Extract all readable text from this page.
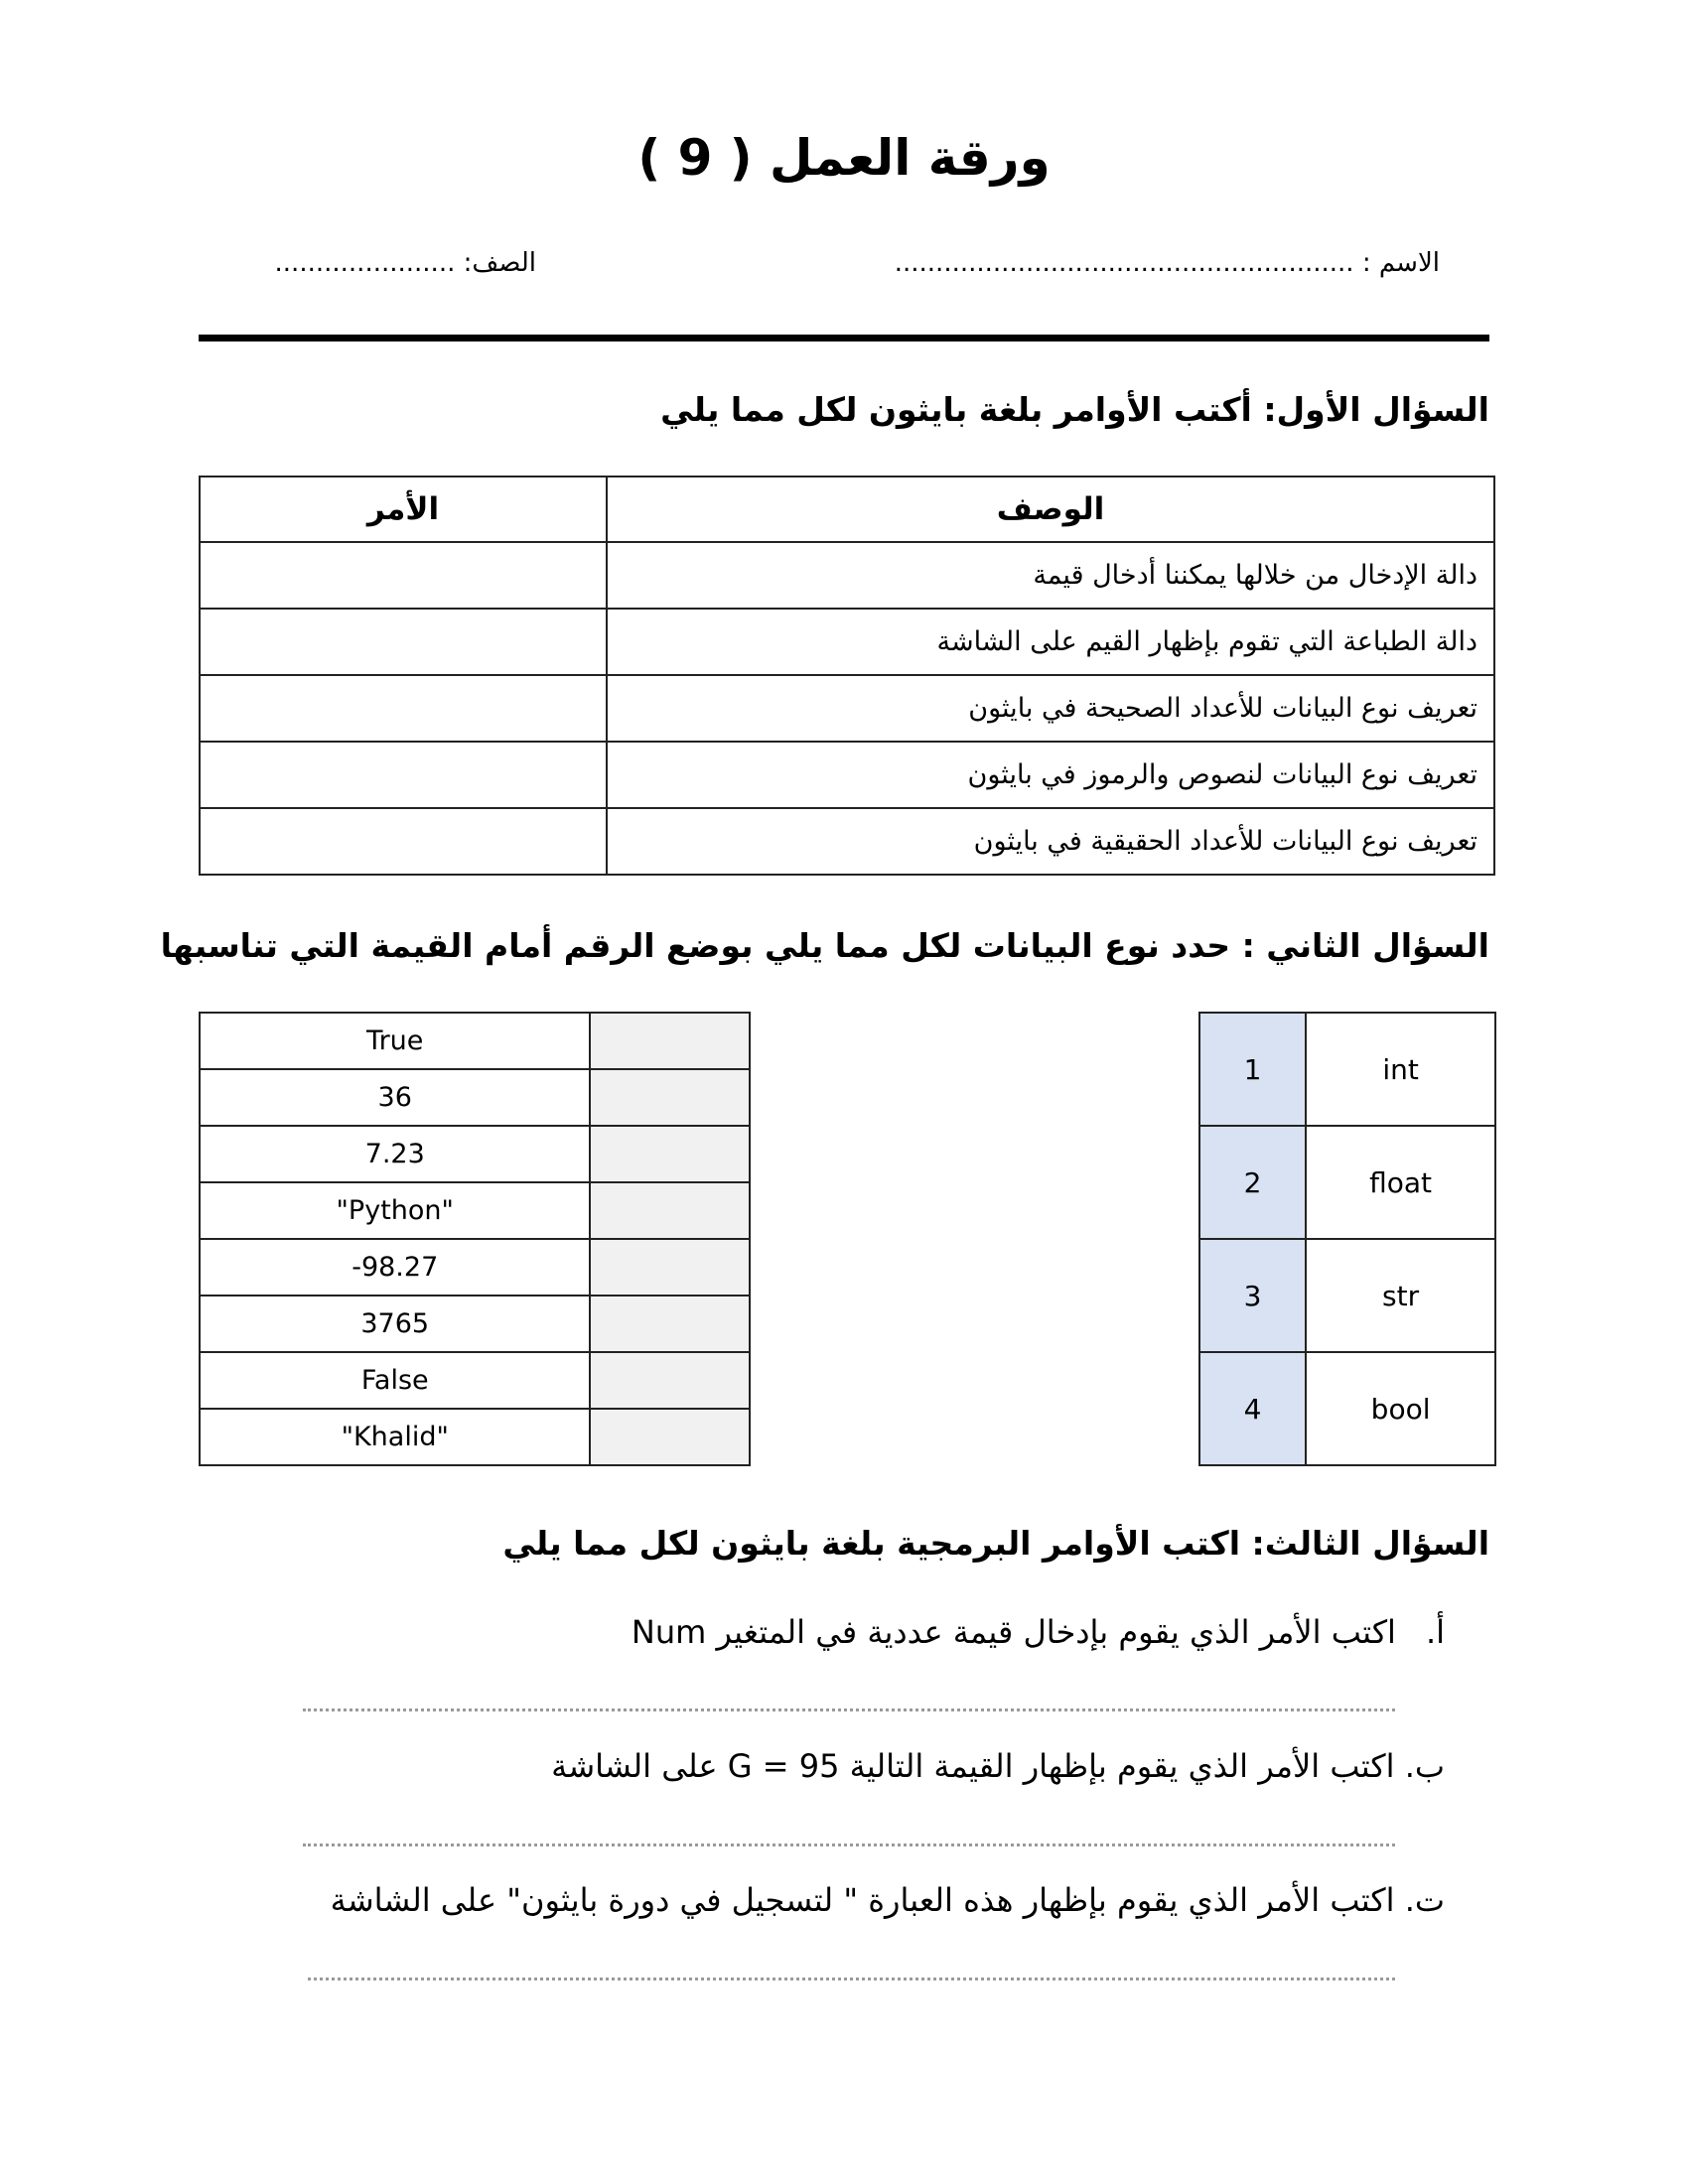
ورقة العمل ( 9 )
الاسم : ........................................................
الصف: ......................
السؤال الأول: أكتب الأوامر بلغة بايثون لكل مما يلي
الوصف	الأمر
دالة الإدخال من خلالها يمكننا أدخال قيمة	
دالة الطباعة التي تقوم بإظهار القيم على الشاشة	
تعريف نوع البيانات للأعداد الصحيحة في بايثون	
تعريف نوع البيانات لنصوص والرموز في بايثون	
تعريف نوع البيانات للأعداد الحقيقية في بايثون	
السؤال الثاني : حدد نوع البيانات لكل مما يلي بوضع الرقم أمام القيمة التي تناسبها
True	
36	
7.23	
"Python"	
-98.27	
3765	
False	
"Khalid"	
1	int
2	float
3	str
4	bool
السؤال الثالث: اكتب الأوامر البرمجية بلغة بايثون لكل مما يلي
أ.اكتب الأمر الذي يقوم بإدخال قيمة عددية في المتغير Num
ب. اكتب الأمر الذي يقوم بإظهار القيمة التالية G = 95 على الشاشة
ت. اكتب الأمر الذي يقوم بإظهار هذه العبارة " لتسجيل في دورة بايثون" على الشاشة
